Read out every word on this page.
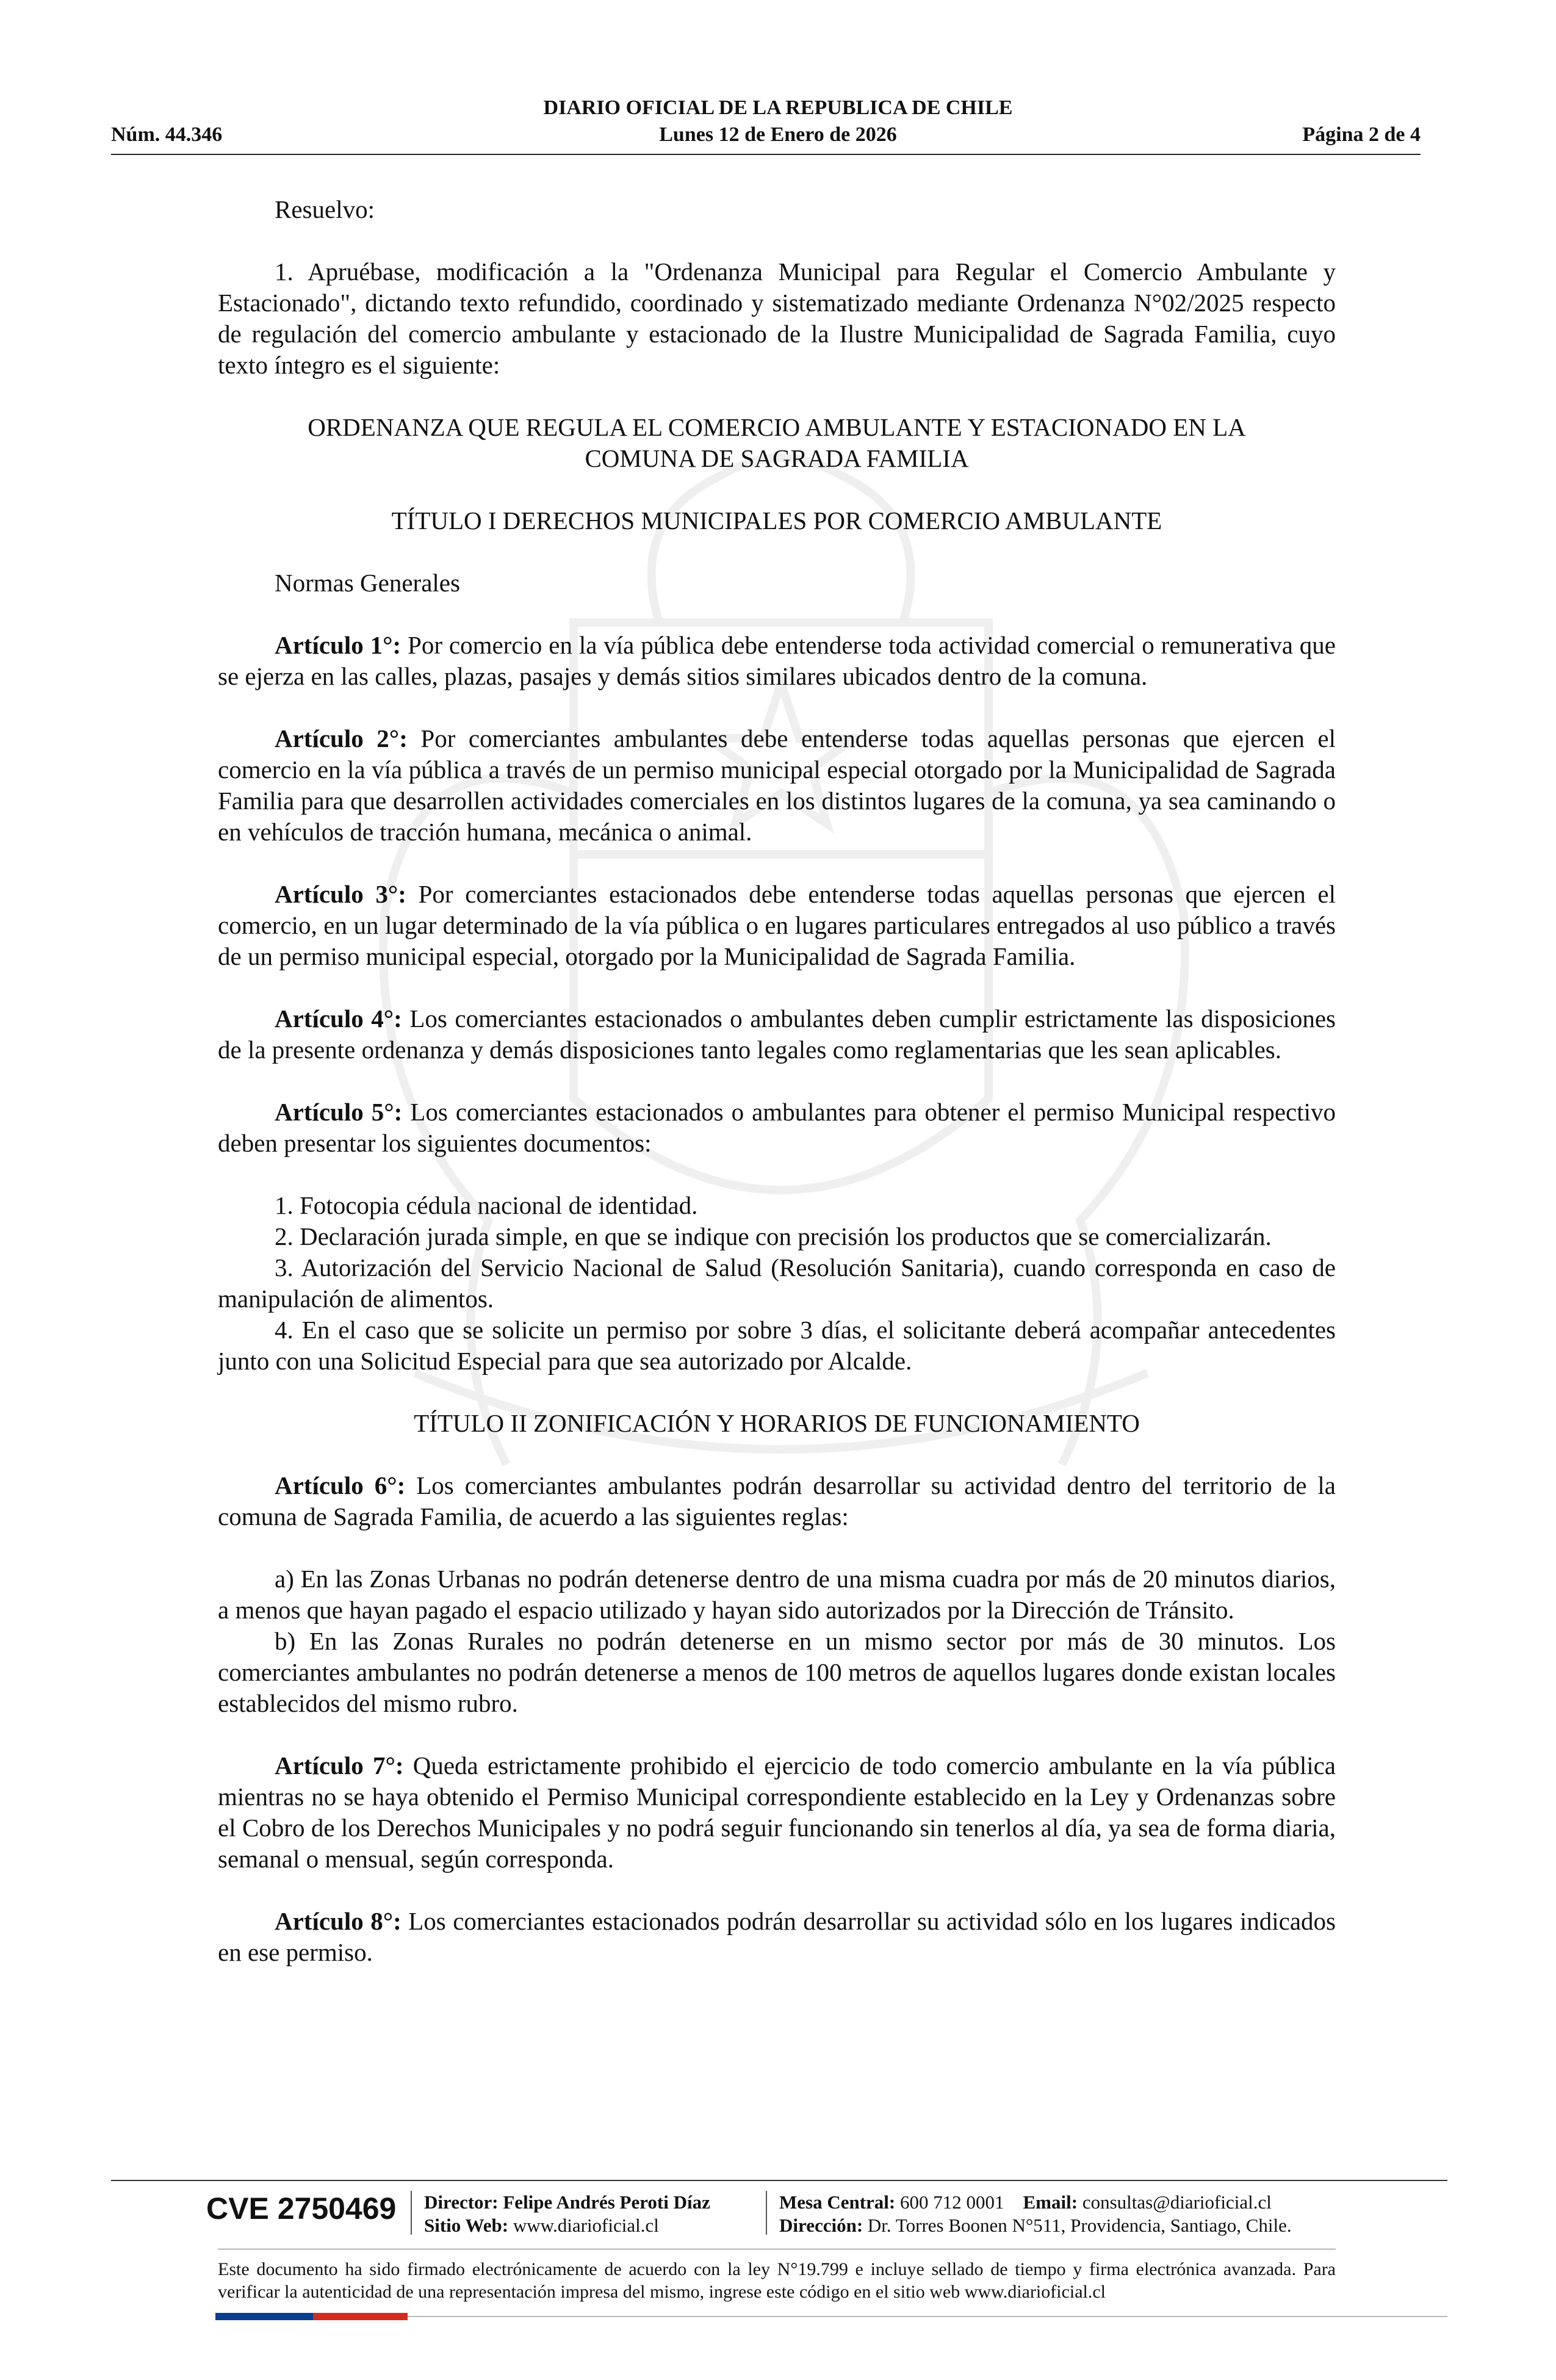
DIARIO OFICIAL DE LA REPUBLICA DE CHILE
Núm. 44.346	Lunes 12 de Enero de 2026	Página 2 de 4

Resuelvo:

1. Apruébase, modificación a la "Ordenanza Municipal para Regular el Comercio Ambulante y Estacionado", dictando texto refundido, coordinado y sistematizado mediante Ordenanza N°02/2025 respecto de regulación del comercio ambulante y estacionado de la Ilustre Municipalidad de Sagrada Familia, cuyo texto íntegro es el siguiente:

ORDENANZA QUE REGULA EL COMERCIO AMBULANTE Y ESTACIONADO EN LA

COMUNA DE SAGRADA FAMILIA

TÍTULO I DERECHOS MUNICIPALES POR COMERCIO AMBULANTE

Normas Generales

Artículo 1°: Por comercio en la vía pública debe entenderse toda actividad comercial o remunerativa que se ejerza en las calles, plazas, pasajes y demás sitios similares ubicados dentro de la comuna.

Artículo 2°: Por comerciantes ambulantes debe entenderse todas aquellas personas que ejercen el comercio en la vía pública a través de un permiso municipal especial otorgado por la Municipalidad de Sagrada Familia para que desarrollen actividades comerciales en los distintos lugares de la comuna, ya sea caminando o en vehículos de tracción humana, mecánica o animal.

Artículo 3°: Por comerciantes estacionados debe entenderse todas aquellas personas que ejercen el comercio, en un lugar determinado de la vía pública o en lugares particulares entregados al uso público a través de un permiso municipal especial, otorgado por la Municipalidad de Sagrada Familia.

Artículo 4°: Los comerciantes estacionados o ambulantes deben cumplir estrictamente las disposiciones de la presente ordenanza y demás disposiciones tanto legales como reglamentarias que les sean aplicables.

Artículo 5°: Los comerciantes estacionados o ambulantes para obtener el permiso Municipal respectivo deben presentar los siguientes documentos:

1. Fotocopia cédula nacional de identidad.

2. Declaración jurada simple, en que se indique con precisión los productos que se comercializarán.

3. Autorización del Servicio Nacional de Salud (Resolución Sanitaria), cuando corresponda en caso de manipulación de alimentos.

4. En el caso que se solicite un permiso por sobre 3 días, el solicitante deberá acompañar antecedentes junto con una Solicitud Especial para que sea autorizado por Alcalde.

TÍTULO II ZONIFICACIÓN Y HORARIOS DE FUNCIONAMIENTO

Artículo 6°: Los comerciantes ambulantes podrán desarrollar su actividad dentro del territorio de la comuna de Sagrada Familia, de acuerdo a las siguientes reglas:

a) En las Zonas Urbanas no podrán detenerse dentro de una misma cuadra por más de 20 minutos diarios, a menos que hayan pagado el espacio utilizado y hayan sido autorizados por la Dirección de Tránsito.

b) En las Zonas Rurales no podrán detenerse en un mismo sector por más de 30 minutos. Los comerciantes ambulantes no podrán detenerse a menos de 100 metros de aquellos lugares donde existan locales establecidos del mismo rubro.

Artículo 7°: Queda estrictamente prohibido el ejercicio de todo comercio ambulante en la vía pública mientras no se haya obtenido el Permiso Municipal correspondiente establecido en la Ley y Ordenanzas sobre el Cobro de los Derechos Municipales y no podrá seguir funcionando sin tenerlos al día, ya sea de forma diaria, semanal o mensual, según corresponda.

Artículo 8°: Los comerciantes estacionados podrán desarrollar su actividad sólo en los lugares indicados en ese permiso.

CVE 2750469 Director: Felipe Andrés Peroti Díaz
Sitio Web: www.diarioficial.cl
Mesa Central: 600 712 0001 Email: consultas@diarioficial.cl
Dirección: Dr. Torres Boonen N°511, Providencia, Santiago, Chile.
Este documento ha sido firmado electrónicamente de acuerdo con la ley N°19.799 e incluye sellado de tiempo y firma electrónica avanzada. Para verificar la autenticidad de una representación impresa del mismo, ingrese este código en el sitio web www.diarioficial.cl
